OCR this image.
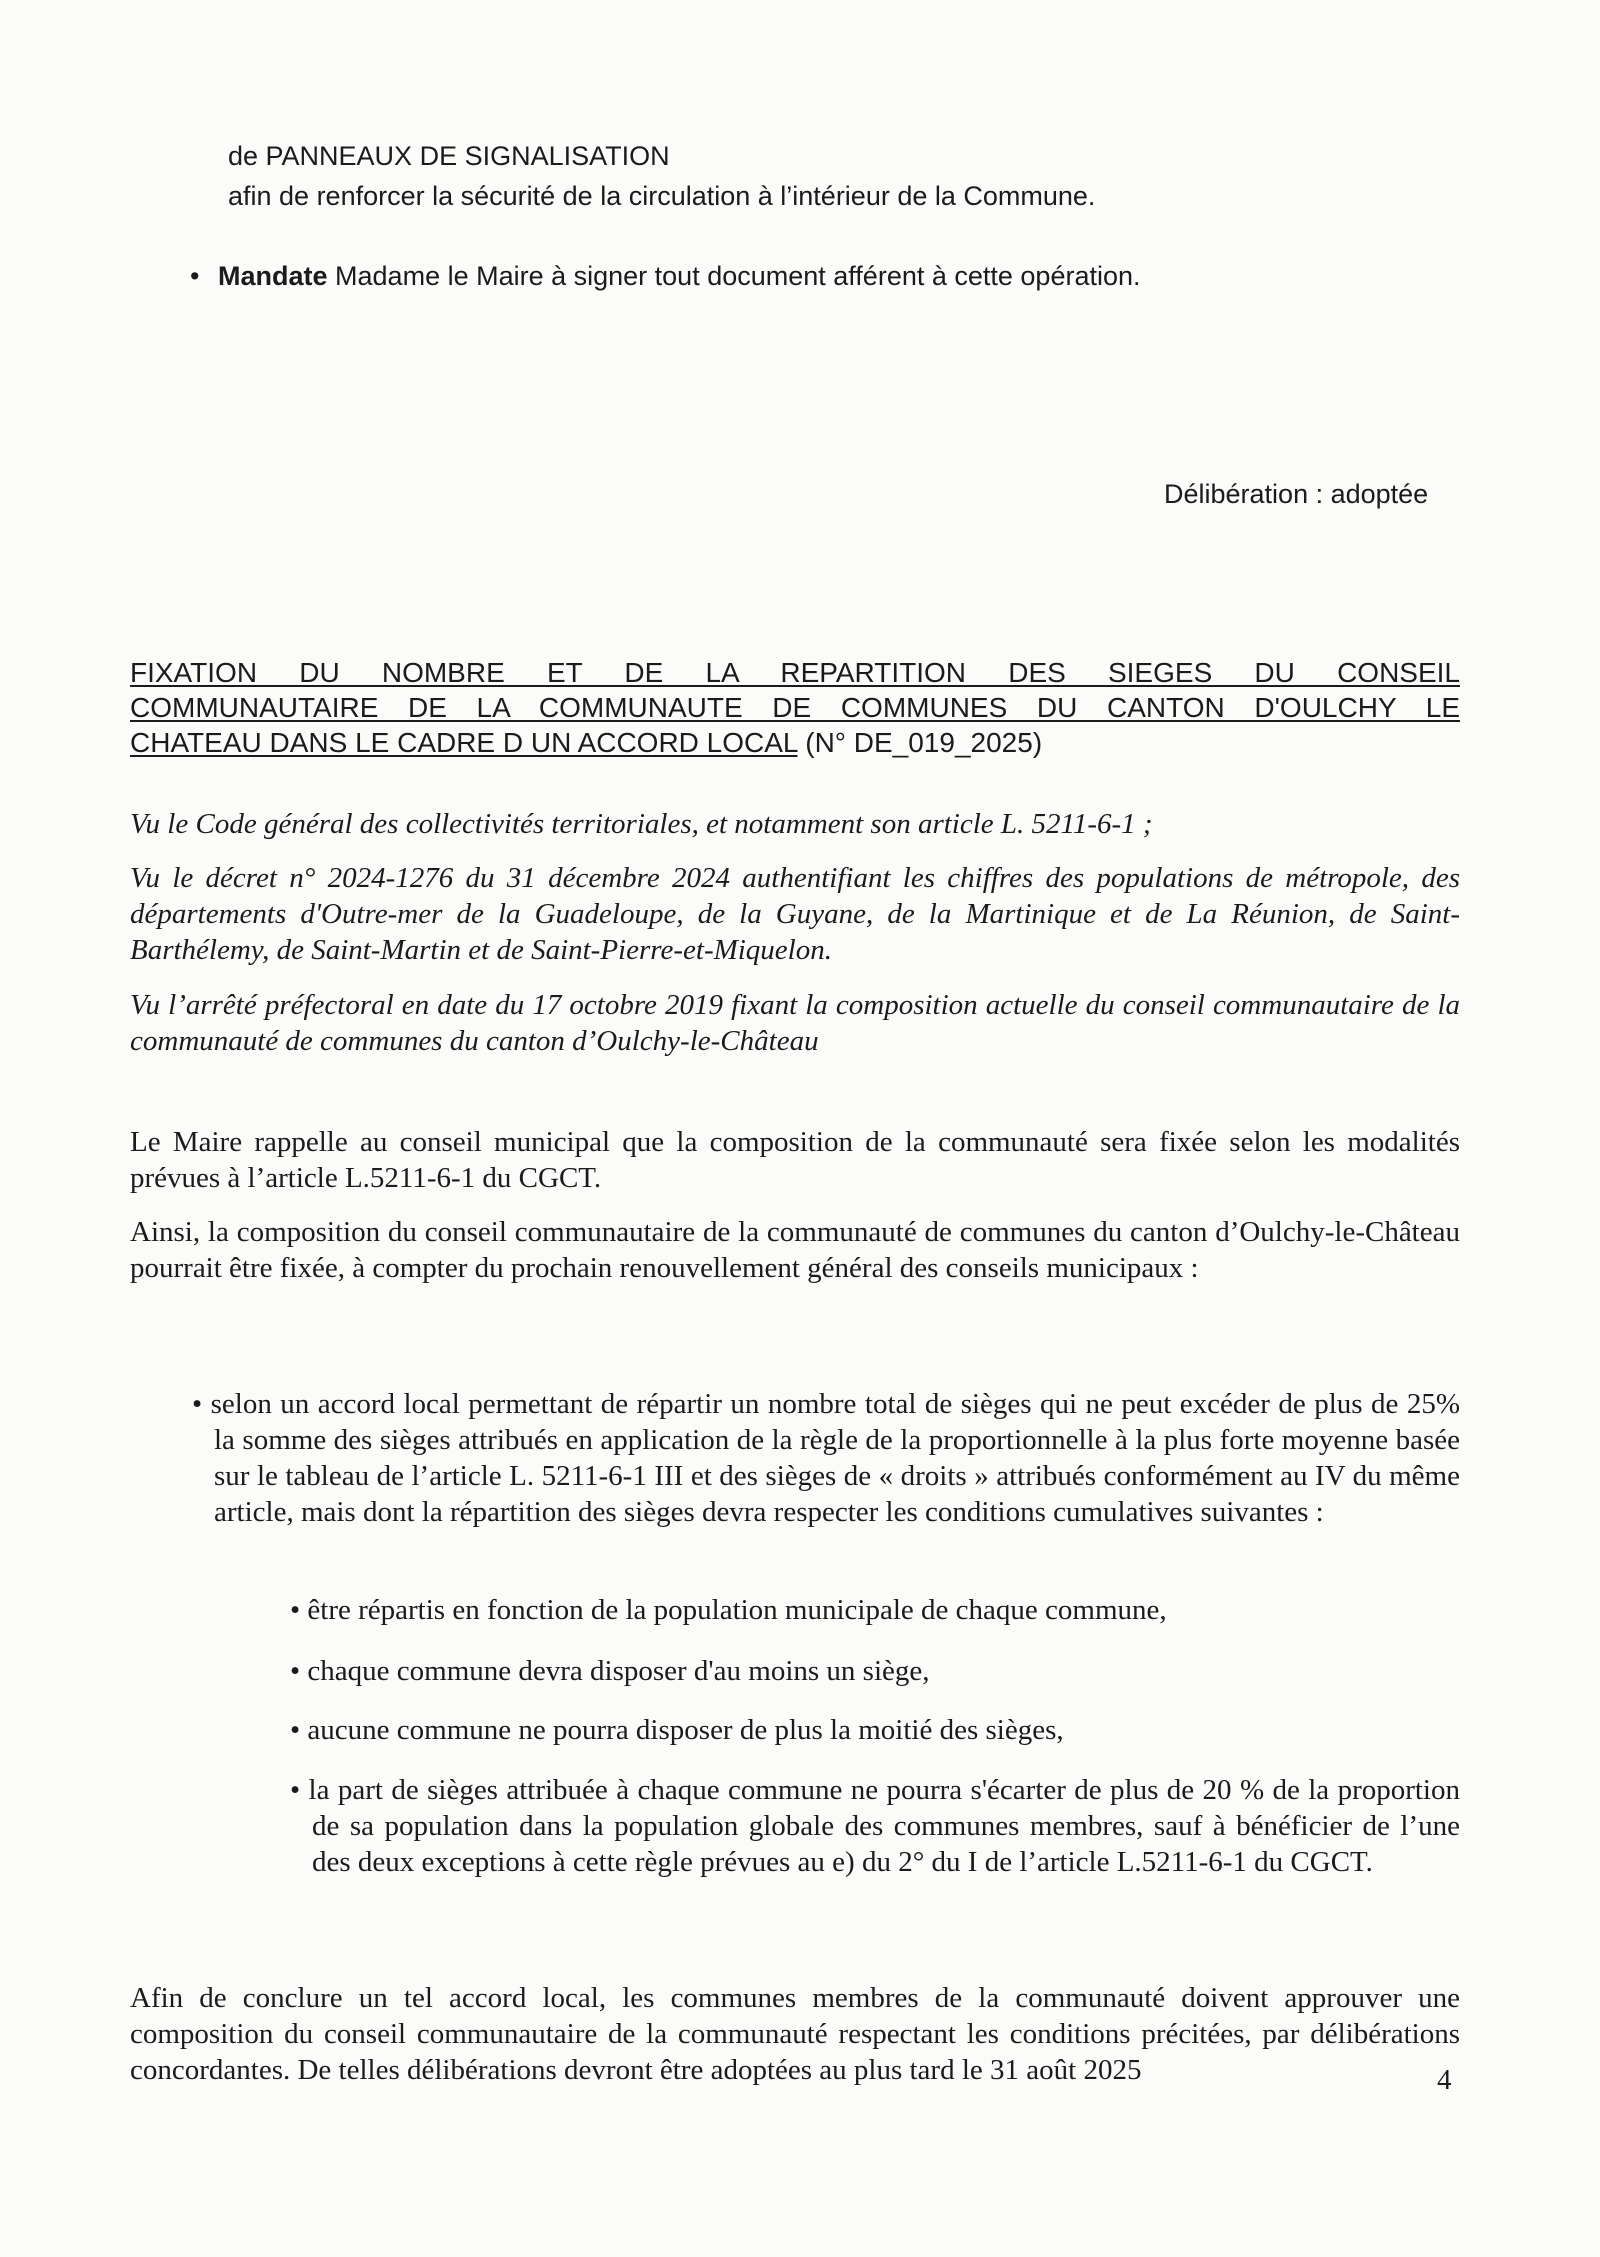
de PANNEAUX DE SIGNALISATION
afin de renforcer la sécurité de la circulation à l’intérieur de la Commune.
• Mandate Madame le Maire à signer tout document afférent à cette opération.
Délibération : adoptée
FIXATION DU NOMBRE ET DE LA REPARTITION DES SIEGES DU CONSEIL
COMMUNAUTAIRE DE LA COMMUNAUTE DE COMMUNES DU CANTON D'OULCHY LE
CHATEAU DANS LE CADRE D UN ACCORD LOCAL (N° DE_019_2025)
Vu le Code général des collectivités territoriales, et notamment son article L. 5211-6-1 ;
Vu le décret n° 2024-1276 du 31 décembre 2024 authentifiant les chiffres des populations de métropole, des départements d'Outre-mer de la Guadeloupe, de la Guyane, de la Martinique et de La Réunion, de Saint-Barthélemy, de Saint-Martin et de Saint-Pierre-et-Miquelon.
Vu l’arrêté préfectoral en date du 17 octobre 2019 fixant la composition actuelle du conseil communautaire de la communauté de communes du canton d’Oulchy-le-Château
Le Maire rappelle au conseil municipal que la composition de la communauté sera fixée selon les modalités prévues à l’article L.5211-6-1 du CGCT.
Ainsi, la composition du conseil communautaire de la communauté de communes du canton d’Oulchy-le-Château pourrait être fixée, à compter du prochain renouvellement général des conseils municipaux :
• selon un accord local permettant de répartir un nombre total de sièges qui ne peut excéder de plus de 25% la somme des sièges attribués en application de la règle de la proportionnelle à la plus forte moyenne basée sur le tableau de l’article L. 5211-6-1 III et des sièges de « droits » attribués conformément au IV du même article, mais dont la répartition des sièges devra respecter les conditions cumulatives suivantes :
• être répartis en fonction de la population municipale de chaque commune,
• chaque commune devra disposer d'au moins un siège,
• aucune commune ne pourra disposer de plus la moitié des sièges,
• la part de sièges attribuée à chaque commune ne pourra s'écarter de plus de 20 % de la proportion de sa population dans la population globale des communes membres, sauf à bénéficier de l’une des deux exceptions à cette règle prévues au e) du 2° du I de l’article L.5211-6-1 du CGCT.
Afin de conclure un tel accord local, les communes membres de la communauté doivent approuver une composition du conseil communautaire de la communauté respectant les conditions précitées, par délibérations concordantes. De telles délibérations devront être adoptées au plus tard le 31 août 2025	4
